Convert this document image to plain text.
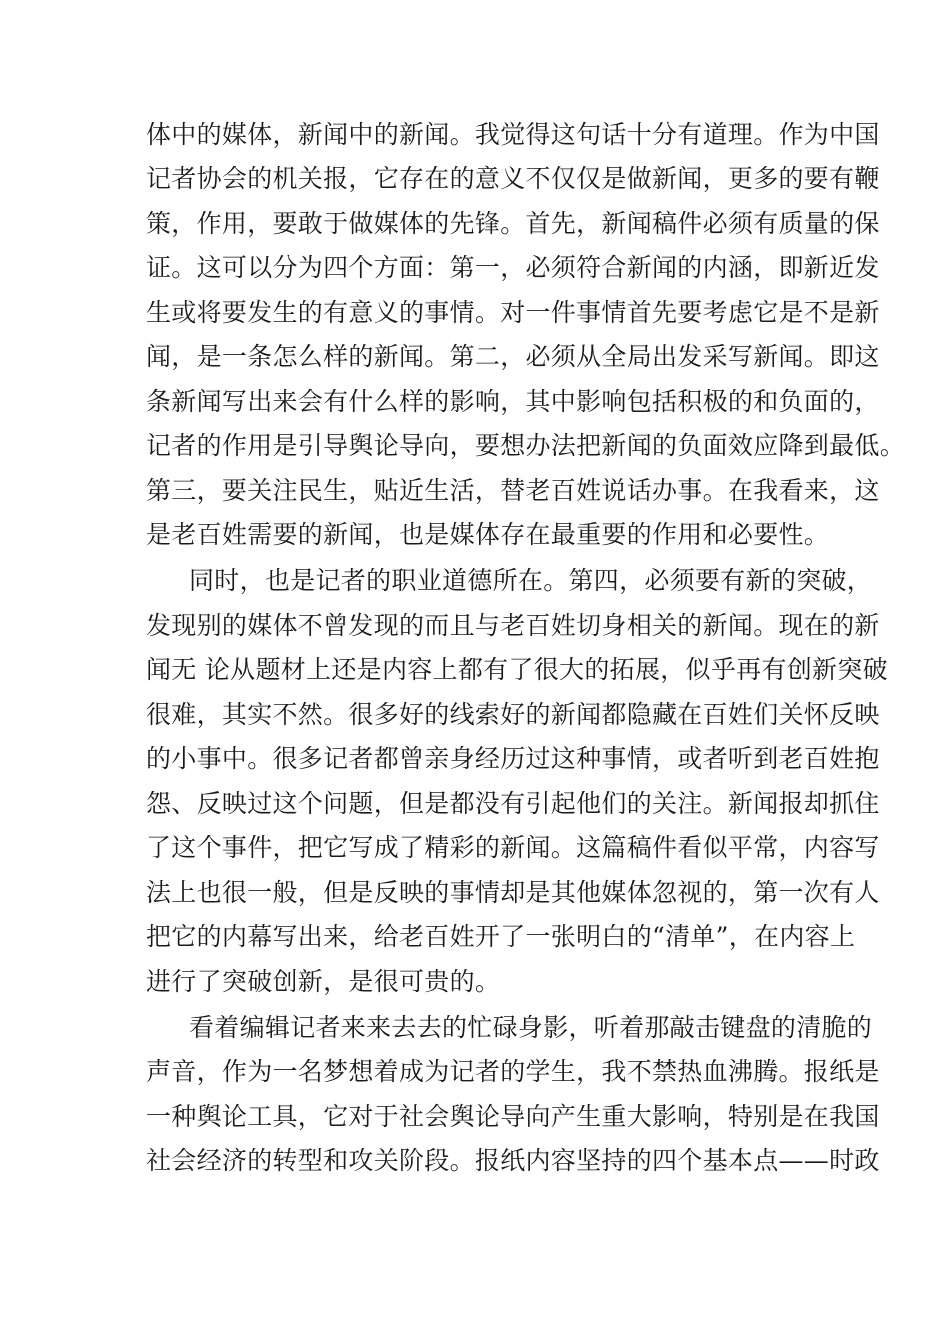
体中的媒体，新闻中的新闻。我觉得这句话十分有道理。作为中国
记者协会的机关报，它存在的意义不仅仅是做新闻，更多的要有鞭
策，作用，要敢于做媒体的先锋。首先，新闻稿件必须有质量的保
证。这可以分为四个方面：第一，必须符合新闻的内涵，即新近发
生或将要发生的有意义的事情。对一件事情首先要考虑它是不是新
闻，是一条怎么样的新闻。第二，必须从全局出发采写新闻。即这
条新闻写出来会有什么样的影响，其中影响包括积极的和负面的，
记者的作用是引导舆论导向，要想办法把新闻的负面效应降到最低。
第三，要关注民生，贴近生活，替老百姓说话办事。在我看来，这
是老百姓需要的新闻，也是媒体存在最重要的作用和必要性。
同时，也是记者的职业道德所在。第四，必须要有新的突破，
发现别的媒体不曾发现的而且与老百姓切身相关的新闻。现在的新
闻无 论从题材上还是内容上都有了很大的拓展，似乎再有创新突破
很难，其实不然。很多好的线索好的新闻都隐藏在百姓们关怀反映
的小事中。很多记者都曾亲身经历过这种事情，或者听到老百姓抱
怨、反映过这个问题，但是都没有引起他们的关注。新闻报却抓住
了这个事件，把它写成了精彩的新闻。这篇稿件看似平常，内容写
法上也很一般，但是反映的事情却是其他媒体忽视的，第一次有人
把它的内幕写出来，给老百姓开了一张明白的“清单”，在内容上
进行了突破创新，是很可贵的。
看着编辑记者来来去去的忙碌身影，听着那敲击键盘的清脆的
声音，作为一名梦想着成为记者的学生，我不禁热血沸腾。报纸是
一种舆论工具，它对于社会舆论导向产生重大影响，特别是在我国
社会经济的转型和攻关阶段。报纸内容坚持的四个基本点——时政
